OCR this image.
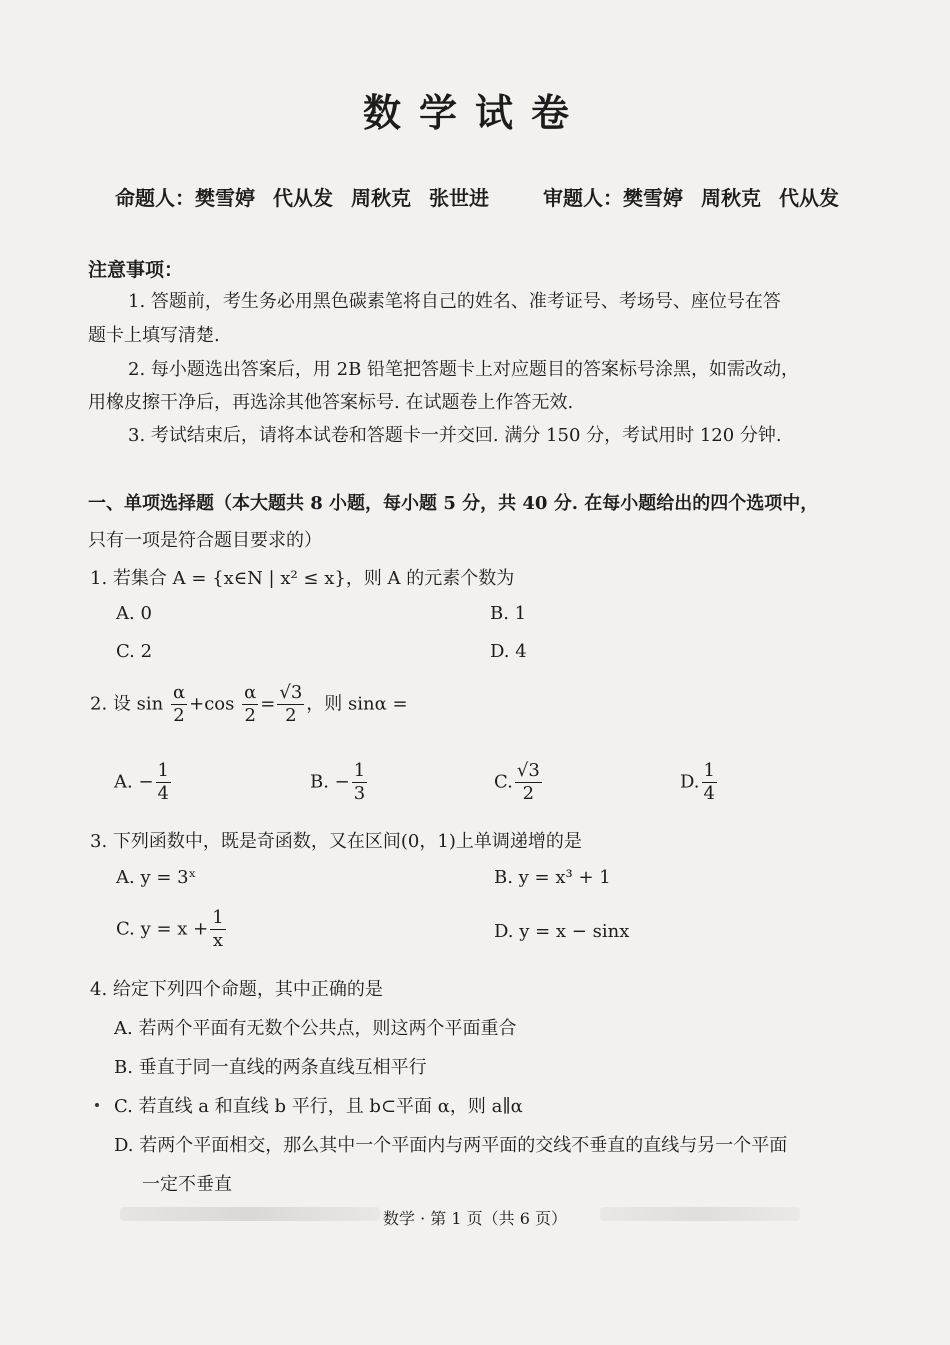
数学试卷
命题人：樊雪婷 代从发 周秋克 张世进	审题人：樊雪婷 周秋克 代从发
注意事项：
1. 答题前，考生务必用黑色碳素笔将自己的姓名、准考证号、考场号、座位号在答
题卡上填写清楚.
2. 每小题选出答案后，用 2B 铅笔把答题卡上对应题目的答案标号涂黑，如需改动，
用橡皮擦干净后，再选涂其他答案标号. 在试题卷上作答无效.
3. 考试结束后，请将本试卷和答题卡一并交回. 满分 150 分，考试用时 120 分钟.
一、单项选择题（本大题共 8 小题，每小题 5 分，共 40 分. 在每小题给出的四个选项中，
只有一项是符合题目要求的）
1. 若集合 A = {x∈N | x² ≤ x}，则 A 的元素个数为
A. 0	B. 1
C. 2	D. 4
2. 设 $\sin \frac{\alpha}{2} +\cos \frac{\alpha}{2} = \frac{√3}{2}$ ，则 sinα =
A. − $\frac{1}{4}$	B. − $\frac{1}{3}$	C. $\frac{√3}{2}$	D. $\frac{1}{4}$
3. 下列函数中，既是奇函数，又在区间(0，1)上单调递增的是
A. y = 3ˣ	B. y = x³ + 1
C. $y = x + \frac{1}{x}$	D. y = x − sinx
4. 给定下列四个命题，其中正确的是
A. 若两个平面有无数个公共点，则这两个平面重合
B. 垂直于同一直线的两条直线互相平行
C. 若直线 a 和直线 b 平行，且 b⊂平面 α，则 a∥α
D. 若两个平面相交，那么其中一个平面内与两平面的交线不垂直的直线与另一个平面
一定不垂直
数学 · 第 1 页（共 6 页）
